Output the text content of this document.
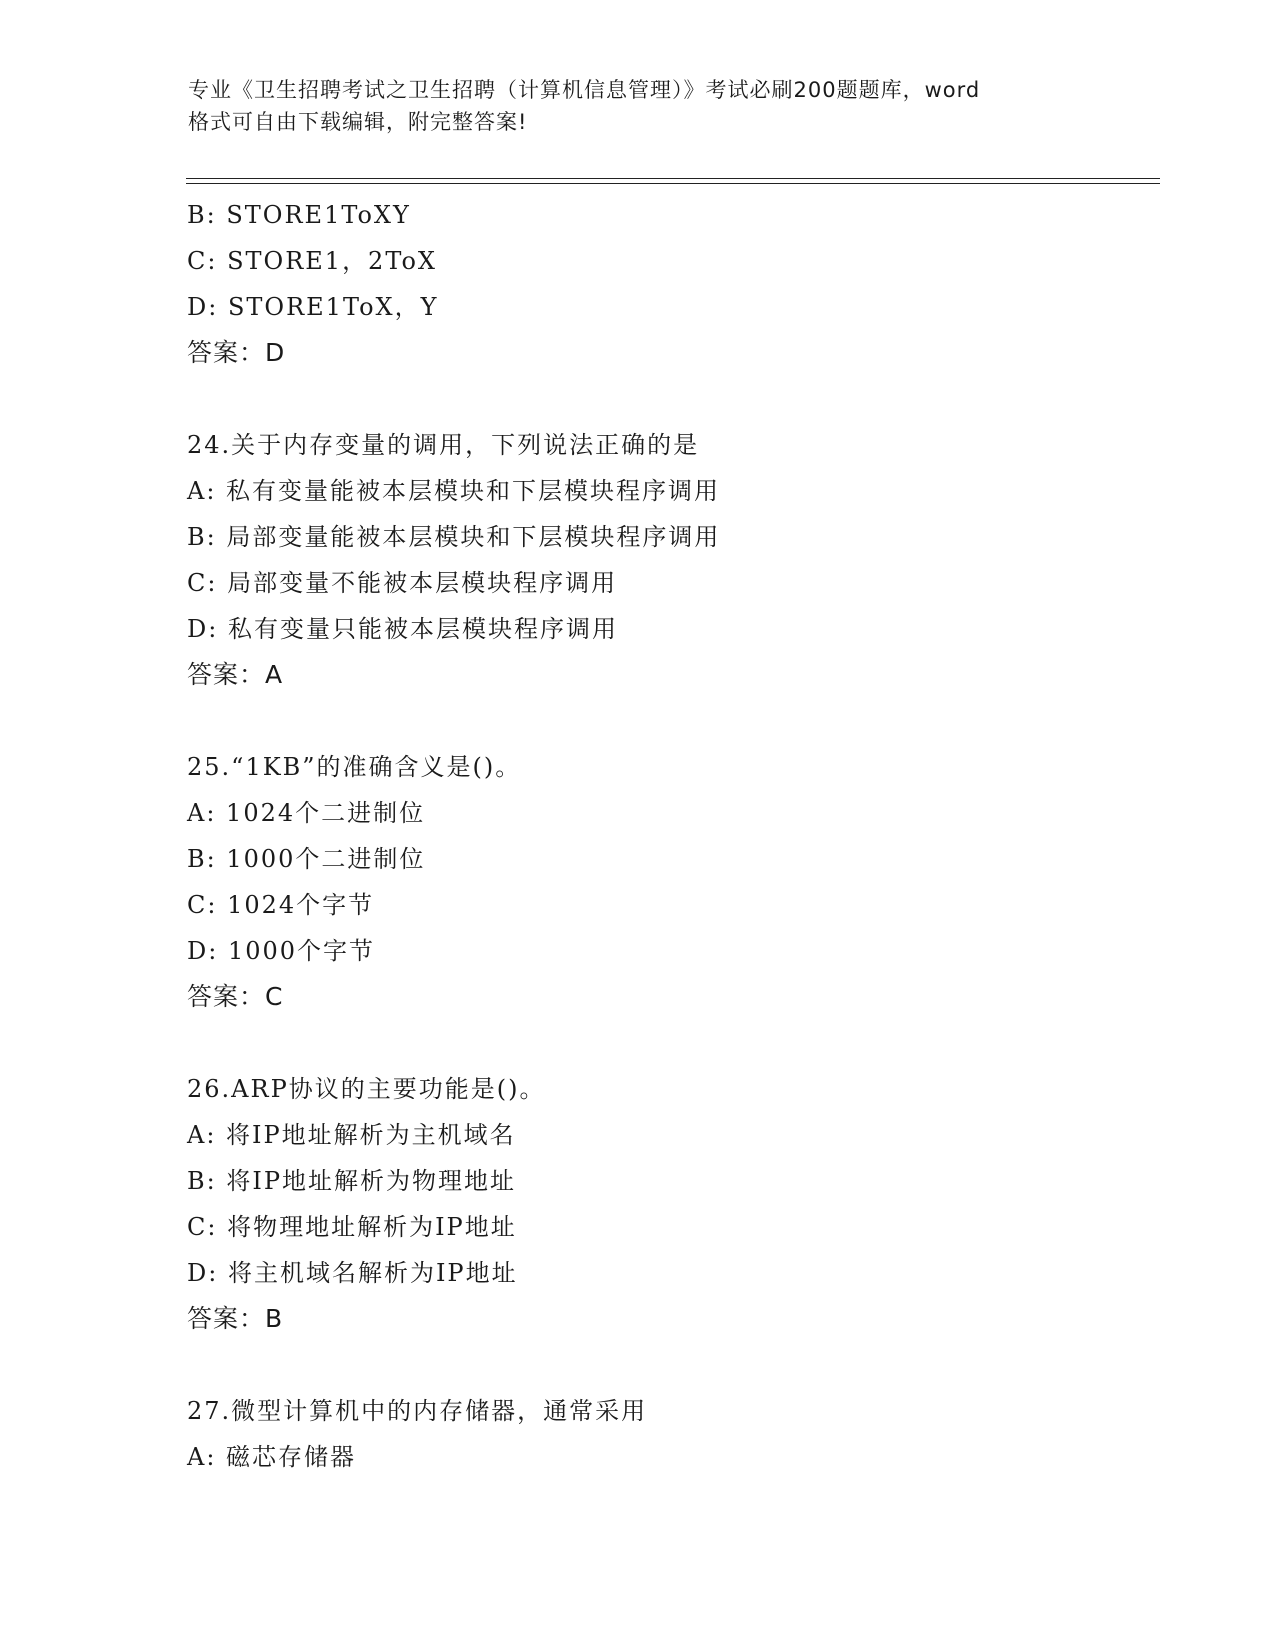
专业《卫生招聘考试之卫生招聘（计算机信息管理）》考试必刷200题题库，word
格式可自由下载编辑，附完整答案!
B: STORE1ToXY
C: STORE1，2ToX
D: STORE1ToX，Y
答案：D
24.关于内存变量的调用，下列说法正确的是
A: 私有变量能被本层模块和下层模块程序调用
B: 局部变量能被本层模块和下层模块程序调用
C: 局部变量不能被本层模块程序调用
D: 私有变量只能被本层模块程序调用
答案：A
25.“1KB”的准确含义是()。
A: 1024个二进制位
B: 1000个二进制位
C: 1024个字节
D: 1000个字节
答案：C
26.ARP协议的主要功能是()。
A: 将IP地址解析为主机域名
B: 将IP地址解析为物理地址
C: 将物理地址解析为IP地址
D: 将主机域名解析为IP地址
答案：B
27.微型计算机中的内存储器，通常采用
A: 磁芯存储器
